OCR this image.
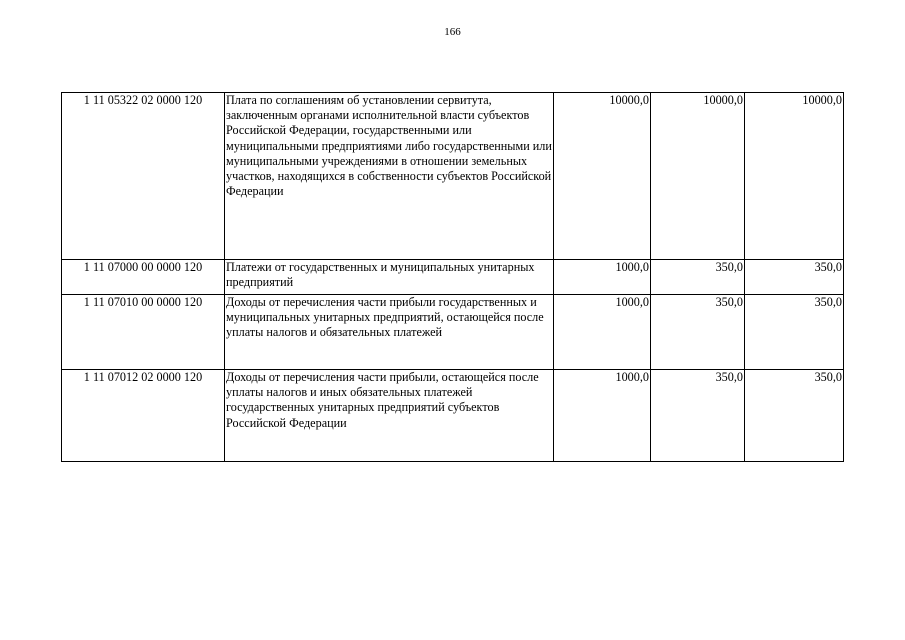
166
1 11 05322 02 0000 120	Плата по соглашениям об установлении сервитута, заключенным органами исполнительной власти субъектов Российской Федерации, государственными или муниципальными предприятиями либо государственными или муниципальными учреждениями в отношении земельных участков, находящихся в собственности субъектов Российской Федерации	10000,0	10000,0	10000,0
1 11 07000 00 0000 120	Платежи от государственных и муниципальных унитарных предприятий	1000,0	350,0	350,0
1 11 07010 00 0000 120	Доходы от перечисления части прибыли государственных и муниципальных унитарных предприятий, остающейся после уплаты налогов и обязательных платежей	1000,0	350,0	350,0
1 11 07012 02 0000 120	Доходы от перечисления части прибыли, остающейся после уплаты налогов и иных обязательных платежей государственных унитарных предприятий субъектов Российской Федерации	1000,0	350,0	350,0
